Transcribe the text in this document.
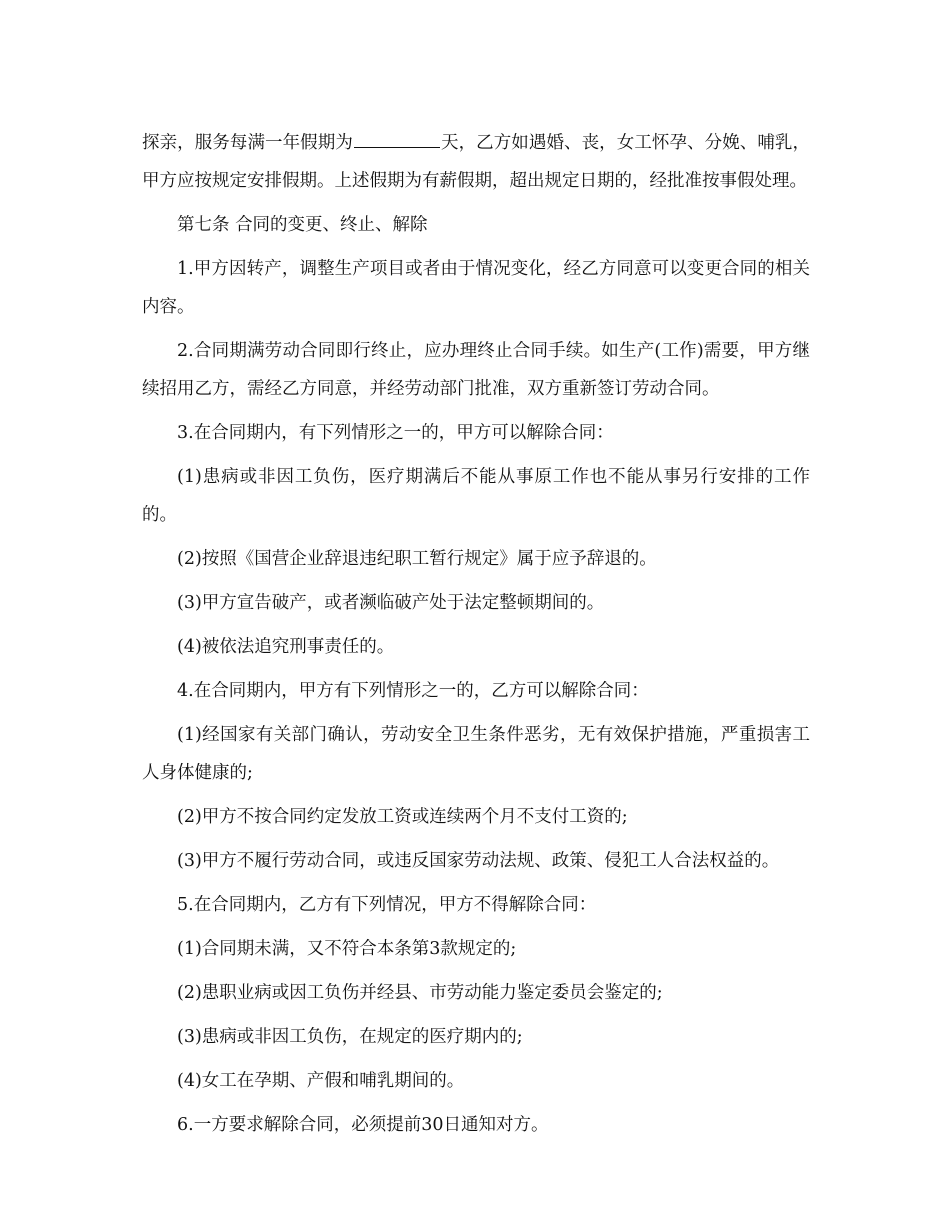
探亲，服务每满一年假期为	天，乙方如遇婚、丧，女工怀孕、分娩、哺乳，甲方应按规定安排假期。上述假期为有薪假期，超出规定日期的，经批准按事假处理。

第七条 合同的变更、终止、解除

1.甲方因转产，调整生产项目或者由于情况变化，经乙方同意可以变更合同的相关内容。

2.合同期满劳动合同即行终止，应办理终止合同手续。如生产(工作)需要，甲方继续招用乙方，需经乙方同意，并经劳动部门批准，双方重新签订劳动合同。

3.在合同期内，有下列情形之一的，甲方可以解除合同：

(1)患病或非因工负伤，医疗期满后不能从事原工作也不能从事另行安排的工作的。

(2)按照《国营企业辞退违纪职工暂行规定》属于应予辞退的。

(3)甲方宣告破产，或者濒临破产处于法定整顿期间的。

(4)被依法追究刑事责任的。

4.在合同期内，甲方有下列情形之一的，乙方可以解除合同：

(1)经国家有关部门确认，劳动安全卫生条件恶劣，无有效保护措施，严重损害工人身体健康的;

(2)甲方不按合同约定发放工资或连续两个月不支付工资的;

(3)甲方不履行劳动合同，或违反国家劳动法规、政策、侵犯工人合法权益的。

5.在合同期内，乙方有下列情况，甲方不得解除合同：

(1)合同期未满，又不符合本条第3款规定的;

(2)患职业病或因工负伤并经县、市劳动能力鉴定委员会鉴定的;

(3)患病或非因工负伤，在规定的医疗期内的;

(4)女工在孕期、产假和哺乳期间的。

6.一方要求解除合同，必须提前30日通知对方。
